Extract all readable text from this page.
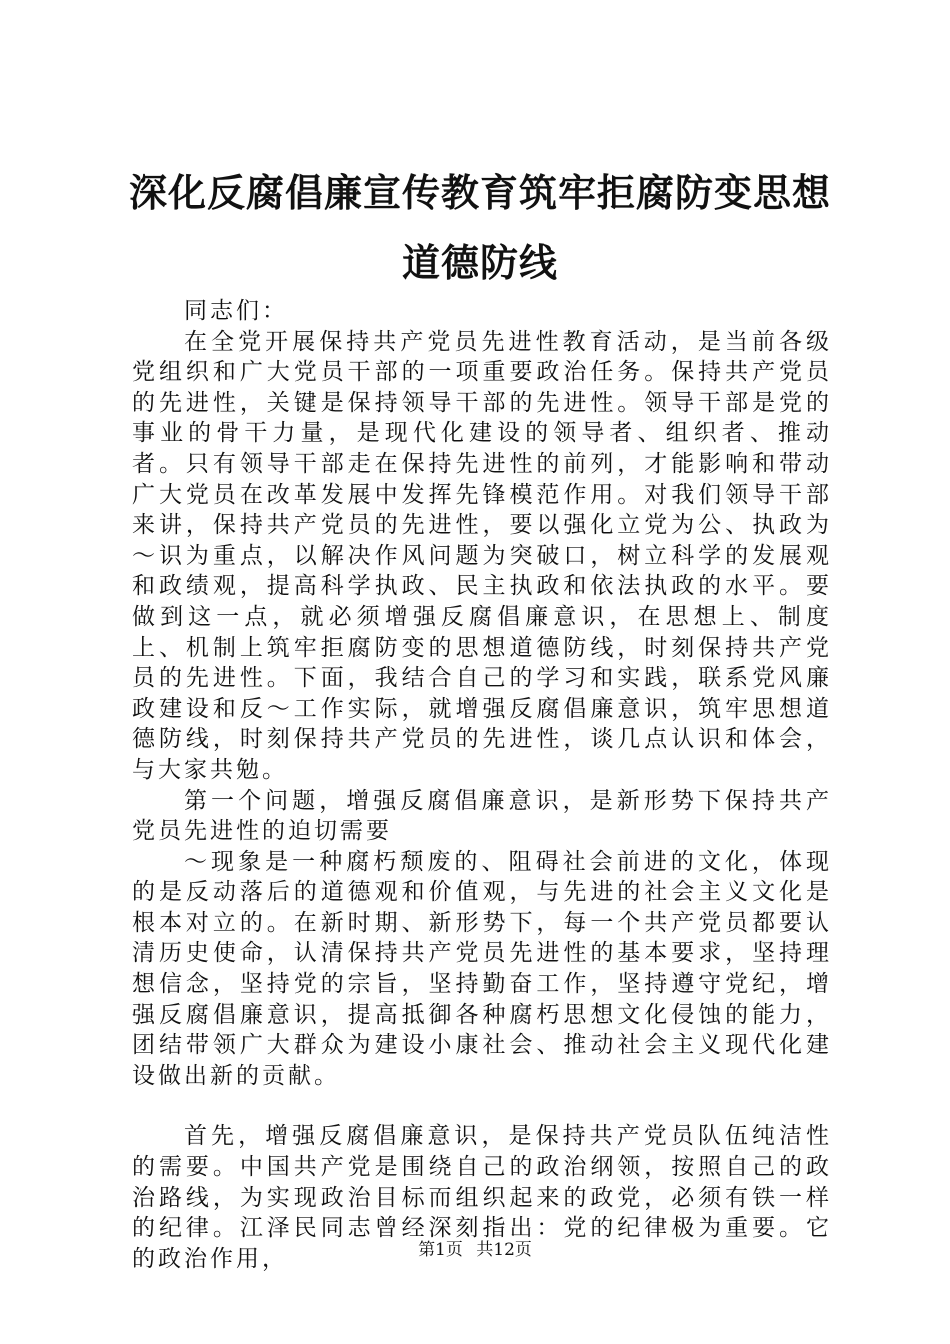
深化反腐倡廉宣传教育筑牢拒腐防变思想道德防线

同志们：

在全党开展保持共产党员先进性教育活动，是当前各级党组织和广大党员干部的一项重要政治任务。保持共产党员的先进性，关键是保持领导干部的先进性。领导干部是党的事业的骨干力量，是现代化建设的领导者、组织者、推动者。只有领导干部走在保持先进性的前列，才能影响和带动广大党员在改革发展中发挥先锋模范作用。对我们领导干部来讲，保持共产党员的先进性，要以强化立党为公、执政为～识为重点，以解决作风问题为突破口，树立科学的发展观和政绩观，提高科学执政、民主执政和依法执政的水平。要做到这一点，就必须增强反腐倡廉意识，在思想上、制度上、机制上筑牢拒腐防变的思想道德防线，时刻保持共产党员的先进性。下面，我结合自己的学习和实践，联系党风廉政建设和反～工作实际，就增强反腐倡廉意识，筑牢思想道德防线，时刻保持共产党员的先进性，谈几点认识和体会，与大家共勉。

第一个问题，增强反腐倡廉意识，是新形势下保持共产党员先进性的迫切需要

～现象是一种腐朽颓废的、阻碍社会前进的文化，体现的是反动落后的道德观和价值观，与先进的社会主义文化是根本对立的。在新时期、新形势下，每一个共产党员都要认清历史使命，认清保持共产党员先进性的基本要求，坚持理想信念，坚持党的宗旨，坚持勤奋工作，坚持遵守党纪，增强反腐倡廉意识，提高抵御各种腐朽思想文化侵蚀的能力，团结带领广大群众为建设小康社会、推动社会主义现代化建设做出新的贡献。

首先，增强反腐倡廉意识，是保持共产党员队伍纯洁性的需要。中国共产党是围绕自己的政治纲领，按照自己的政治路线，为实现政治目标而组织起来的政党，必须有铁一样的纪律。江泽民同志曾经深刻指出：党的纪律极为重要。它的政治作用，	第1页 共12页
